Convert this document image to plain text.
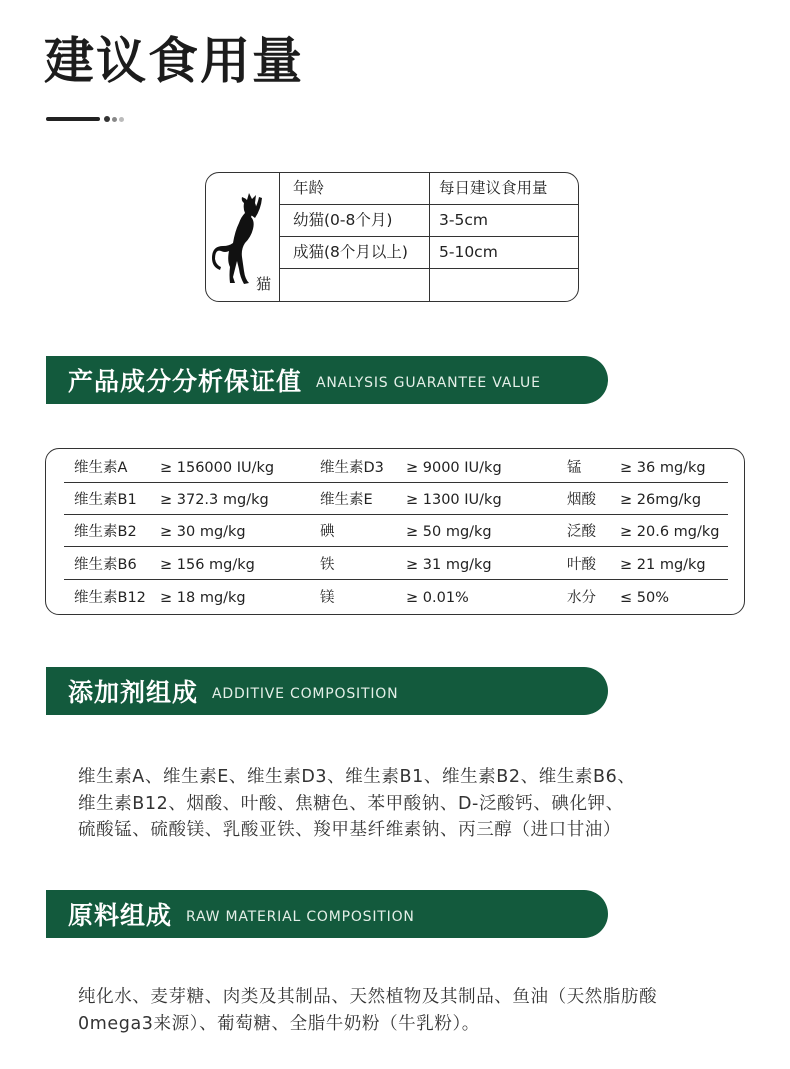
建议食用量
猫
年龄	每日建议食用量
幼猫(0-8个月)	3-5cm
成猫(8个月以上)	5-10cm
产品成分分析保证值 ANALYSIS GUARANTEE VALUE
维生素A ≥ 156000 IU/kg	维生素D3 ≥ 9000 IU/kg	锰	≥ 36 mg/kg
维生素B1 ≥ 372.3 mg/kg	维生素E ≥ 1300 IU/kg	烟酸 ≥ 26mg/kg
维生素B2 ≥ 30 mg/kg	碘	≥ 50 mg/kg	泛酸 ≥ 20.6 mg/kg
维生素B6 ≥ 156 mg/kg	铁	≥ 31 mg/kg	叶酸 ≥ 21 mg/kg
维生素B12 ≥ 18 mg/kg	镁	≥ 0.01%	水分 ≤ 50%
添加剂组成 ADDITIVE COMPOSITION
维生素A、维生素E、维生素D3、维生素B1、维生素B2、维生素B6、
维生素B12、烟酸、叶酸、焦糖色、苯甲酸钠、D-泛酸钙、碘化钾、
硫酸锰、硫酸镁、乳酸亚铁、羧甲基纤维素钠、丙三醇（进口甘油）
原料组成 RAW MATERIAL COMPOSITION
纯化水、麦芽糖、肉类及其制品、天然植物及其制品、鱼油（天然脂肪酸
0mega3来源）、葡萄糖、全脂牛奶粉（牛乳粉）。
